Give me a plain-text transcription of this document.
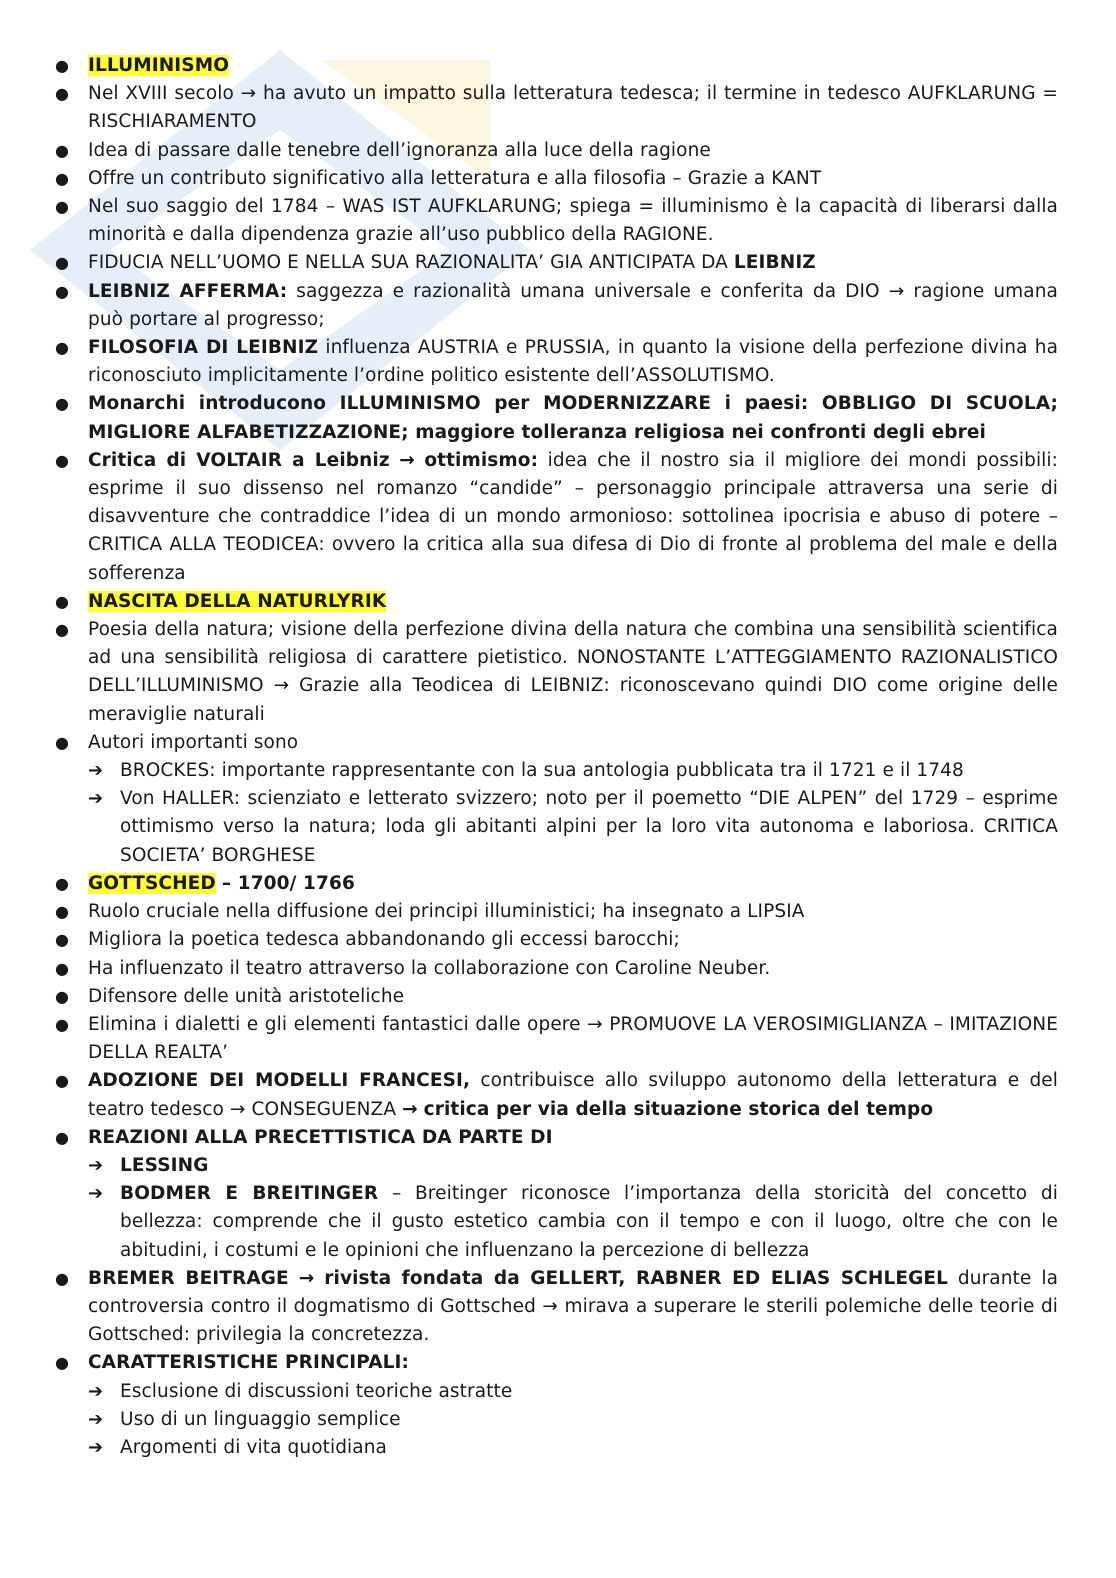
●	ILLUMINISMO
●	Nel XVIII secolo → ha avuto un impatto sulla letteratura tedesca; il termine in tedesco AUFKLARUNG = RISCHIARAMENTO
●	Idea di passare dalle tenebre dell’ignoranza alla luce della ragione
●	Offre un contributo significativo alla letteratura e alla filosofia – Grazie a KANT
●	Nel suo saggio del 1784 – WAS IST AUFKLARUNG; spiega = illuminismo è la capacità di liberarsi dalla minorità e dalla dipendenza grazie all’uso pubblico della RAGIONE.
●	FIDUCIA NELL’UOMO E NELLA SUA RAZIONALITA’ GIA ANTICIPATA DA LEIBNIZ
●	LEIBNIZ AFFERMA: saggezza e razionalità umana universale e conferita da DIO → ragione umana può portare al progresso;
●	FILOSOFIA DI LEIBNIZ influenza AUSTRIA e PRUSSIA, in quanto la visione della perfezione divina ha riconosciuto implicitamente l’ordine politico esistente dell’ASSOLUTISMO.
●	Monarchi introducono ILLUMINISMO per MODERNIZZARE i paesi: OBBLIGO DI SCUOLA; MIGLIORE ALFABETIZZAZIONE; maggiore tolleranza religiosa nei confronti degli ebrei
●	Critica di VOLTAIR a Leibniz → ottimismo: idea che il nostro sia il migliore dei mondi possibili: esprime il suo dissenso nel romanzo “candide” – personaggio principale attraversa una serie di disavventure che contraddice l’idea di un mondo armonioso: sottolinea ipocrisia e abuso di potere – CRITICA ALLA TEODICEA: ovvero la critica alla sua difesa di Dio di fronte al problema del male e della sofferenza
●	NASCITA DELLA NATURLYRIK
●	Poesia della natura; visione della perfezione divina della natura che combina una sensibilità scientifica ad una sensibilità religiosa di carattere pietistico. NONOSTANTE L’ATTEGGIAMENTO RAZIONALISTICO DELL’ILLUMINISMO → Grazie alla Teodicea di LEIBNIZ: riconoscevano quindi DIO come origine delle meraviglie naturali
●	Autori importanti sono
➔ BROCKES: importante rappresentante con la sua antologia pubblicata tra il 1721 e il 1748
➔ Von HALLER: scienziato e letterato svizzero; noto per il poemetto “DIE ALPEN” del 1729 – esprime ottimismo verso la natura; loda gli abitanti alpini per la loro vita autonoma e laboriosa. CRITICA SOCIETA’ BORGHESE
●	GOTTSCHED – 1700/ 1766
●	Ruolo cruciale nella diffusione dei principi illuministici; ha insegnato a LIPSIA
●	Migliora la poetica tedesca abbandonando gli eccessi barocchi;
●	Ha influenzato il teatro attraverso la collaborazione con Caroline Neuber.
●	Difensore delle unità aristoteliche
●	Elimina i dialetti e gli elementi fantastici dalle opere → PROMUOVE LA VEROSIMIGLIANZA – IMITAZIONE DELLA REALTA’
●	ADOZIONE DEI MODELLI FRANCESI, contribuisce allo sviluppo autonomo della letteratura e del teatro tedesco → CONSEGUENZA → critica per via della situazione storica del tempo
●	REAZIONI ALLA PRECETTISTICA DA PARTE DI
➔ LESSING
➔ BODMER E BREITINGER – Breitinger riconosce l’importanza della storicità del concetto di bellezza: comprende che il gusto estetico cambia con il tempo e con il luogo, oltre che con le abitudini, i costumi e le opinioni che influenzano la percezione di bellezza
●	BREMER BEITRAGE → rivista fondata da GELLERT, RABNER ED ELIAS SCHLEGEL durante la controversia contro il dogmatismo di Gottsched → mirava a superare le sterili polemiche delle teorie di Gottsched: privilegia la concretezza.
●	CARATTERISTICHE PRINCIPALI:
➔ Esclusione di discussioni teoriche astratte
➔ Uso di un linguaggio semplice
➔ Argomenti di vita quotidiana
